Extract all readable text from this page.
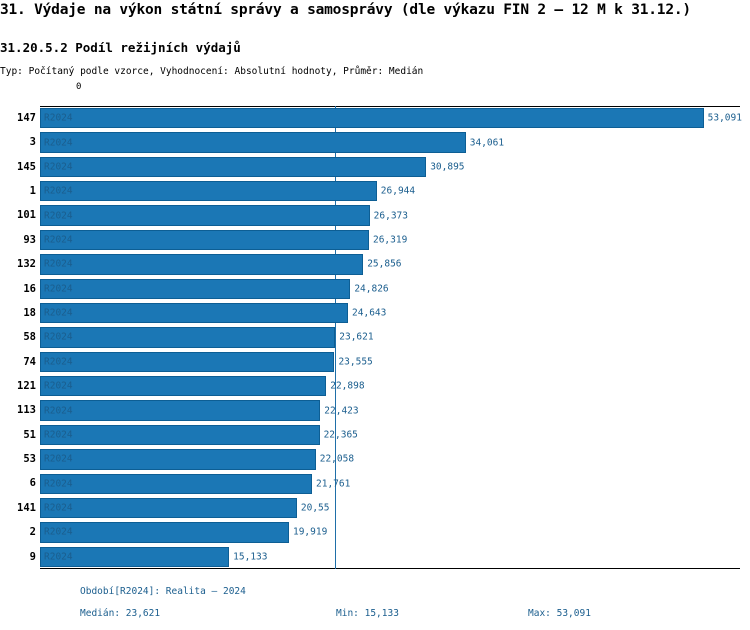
31. Výdaje na výkon státní správy a samosprávy (dle výkazu FIN 2 – 12 M k 31.12.)
31.20.5.2 Podíl režijních výdajů
Typ: Počítaný podle vzorce, Vyhodnocení: Absolutní hodnoty, Průměr: Medián
0
147 R2024	53,091
3 R2024	34,061
145 R2024	30,895
1 R2024	26,944
101 R2024	26,373
93 R2024	26,319
132 R2024	25,856
16 R2024	24,826
18 R2024	24,643
58 R2024	23,621
74 R2024	23,555
121 R2024	22,898
113 R2024	22,423
51 R2024	22,365
53 R2024	22,058
6 R2024	21,761
141 R2024	20,55
2 R2024	19,919
9 R2024	15,133
Období[R2024]: Realita – 2024
Medián: 23,621	Min: 15,133	Max: 53,091
